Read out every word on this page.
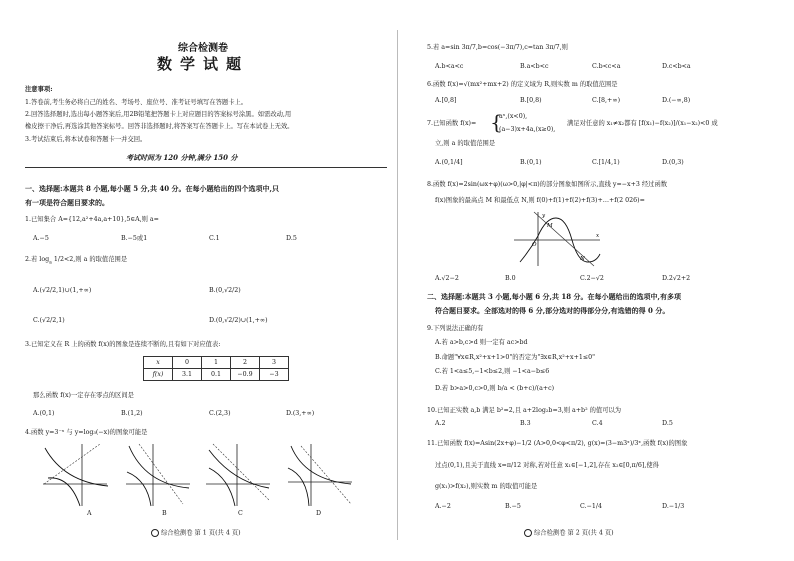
综合检测卷
数学试题
注意事项:
1.答卷前,考生务必将自己的姓名、考场号、座位号、准考证号填写在答题卡上。
2.回答选择题时,选出每小题答案后,用2B铅笔把答题卡上对应题目的答案标号涂黑。如需改动,用
橡皮擦干净后,再选涂其他答案标号。回答非选择题时,将答案写在答题卡上。写在本试卷上无效。
3.考试结束后,将本试卷和答题卡一并交回。
考试时间为 120 分钟,满分 150 分
一、选择题:本题共 8 小题,每小题 5 分,共 40 分。在每小题给出的四个选项中,只
有一项是符合题目要求的。
1.已知集合 A={12,a²+4a,a+10},5∈A,则 a=
A.−5	B.−5或1	C.1	D.5
2.若 $\log_a 1/2<2$,则 a 的取值范围是
A.(√2/2,1)∪(1,+∞)	B.(0,√2/2)
C.(√2/2,1)	D.(0,√2/2)∪(1,+∞)
3.已知定义在 R 上的函数 f(x)的图象是连续不断的,且有如下对应值表:
x	0	1	2	3
f(x)	3.1	0.1	−0.9	−3
那么函数 f(x)一定存在零点的区间是
A.(0,1)	B.(1,2)	C.(2,3)	D.(3,+∞)
4.函数 y=3⁻ˣ 与 y=log₃(−x)的图象可能是
A	B	C	D
综合检测卷 第 1 页(共 4 页)
5.若 a=sin 3π/7,b=cos(−3π/7),c=tan 3π/7,则
A.b<a<c	B.a<b<c	C.b<c<a	D.c<b<a
6.函数 f(x)=√(mx²+mx+2) 的定义域为 R,则实数 m 的取值范围是
A.[0,8]	B.[0,8)	C.[8,+∞)	D.(−∞,8)
7.已知函数 f(x)= {
aˣ,(x<0),
(a−3)x+4a,(x≥0),
满足对任意的 x₁≠x₂都有 [f(x₁)−f(x₂)]/(x₁−x₂)<0 成
立,则 a 的取值范围是
A.(0,1/4]	B.(0,1)	C.[1/4,1)	D.(0,3)
8.函数 f(x)=2sin(ωx+φ)(ω>0,|φ|<π)的部分图象如图所示,直线 y=−x+3 经过函数
f(x)图象的最高点 M 和最低点 N,则 f(0)+f(1)+f(2)+f(3)+…+f(2 026)=
y
x
M
N
O
A.√2−2	B.0	C.2−√2	D.2√2+2
二、选择题:本题共 3 小题,每小题 6 分,共 18 分。在每小题给出的选项中,有多项
符合题目要求。全部选对的得 6 分,部分选对的得部分分,有选错的得 0 分。
9.下列说法正确的有
A.若 a>b,c>d 则一定有 ac>bd
B.命题"∀x∈R,x²+x+1>0"的否定为"∃x∈R,x²+x+1≤0"
C.若 1<a≤5,−1<b≤2,则 −1<a−b≤6
D.若 b>a>0,c>0,则 b/a < (b+c)/(a+c)
10.已知正实数 a,b 满足 b²=2,且 a+2log₂b=3,则 a+b² 的值可以为
A.2	B.3	C.4	D.5
11.已知函数 f(x)=Asin(2x+φ)−1/2 (A>0,0<φ<π/2), g(x)=(3−m3ˣ)/3ˣ,函数 f(x)的图象
过点(0,1),且关于直线 x=π/12 对称,若对任意 x₁∈[−1,2],存在 x₂∈[0,π/6],使得
g(x₁)>f(x₂),则实数 m 的取值可能是
A.−2	B.−5	C.−1/4	D.−1/3
综合检测卷 第 2 页(共 4 页)
